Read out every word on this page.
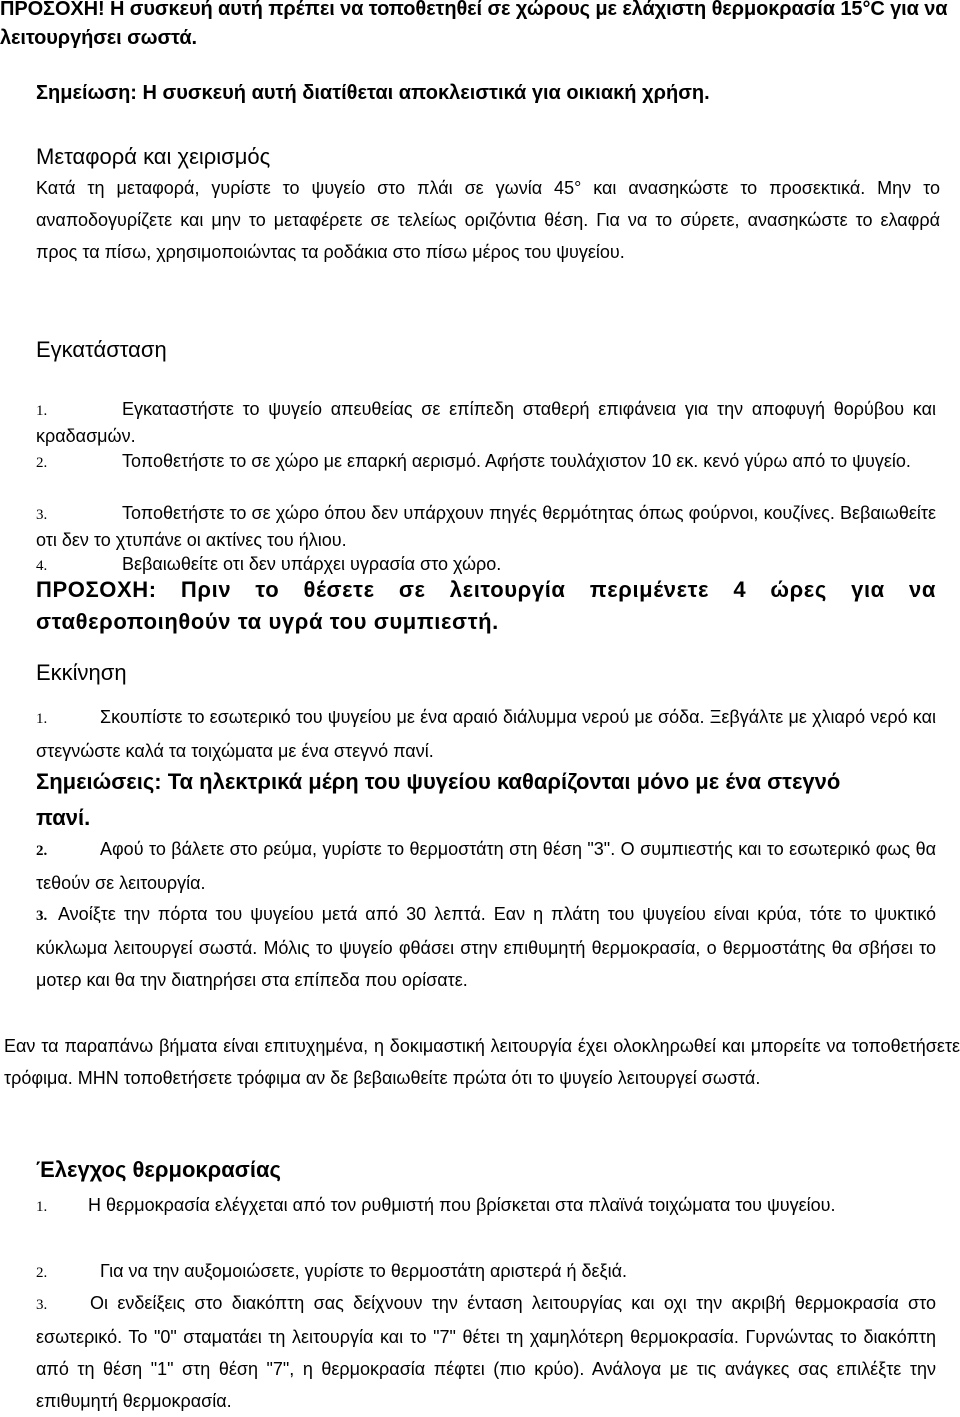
ΠΡΟΣΟΧΗ! Η συσκευή αυτή πρέπει να τοποθετηθεί σε χώρους με ελάχιστη θερμοκρασία 15°C για να λειτουργήσει σωστά.

Σημείωση: Η συσκευή αυτή διατίθεται αποκλειστικά για οικιακή χρήση.

Μεταφορά και χειρισμός

Κατά τη μεταφορά, γυρίστε το ψυγείο στο πλάι σε γωνία 45° και ανασηκώστε το προσεκτικά. Μην το αναποδογυρίζετε και μην το μεταφέρετε σε τελείως οριζόντια θέση. Για να το σύρετε, ανασηκώστε το ελαφρά προς τα πίσω, χρησιμοποιώντας τα ροδάκια στο πίσω μέρος του ψυγείου.

Εγκατάσταση

1.	Εγκαταστήστε το ψυγείο απευθείας σε επίπεδη σταθερή επιφάνεια για την αποφυγή θορύβου και κραδασμών.

2.	Τοποθετήστε το σε χώρο με επαρκή αερισμό. Αφήστε τουλάχιστον 10 εκ. κενό γύρω από το ψυγείο.

3.	Τοποθετήστε το σε χώρο όπου δεν υπάρχουν πηγές θερμότητας όπως φούρνοι, κουζίνες. Βεβαιωθείτε οτι δεν το χτυπάνε οι ακτίνες του ήλιου.

4.	Βεβαιωθείτε οτι δεν υπάρχει υγρασία στο χώρο.

ΠΡΟΣΟΧΗ: Πριν το θέσετε σε λειτουργία περιμένετε 4 ώρες για να σταθεροποιηθούν τα υγρά του συμπιεστή.

Εκκίνηση

1.	Σκουπίστε το εσωτερικό του ψυγείου με ένα αραιό διάλυμμα νερού με σόδα. Ξεβγάλτε με χλιαρό νερό και στεγνώστε καλά τα τοιχώματα με ένα στεγνό πανί.

Σημειώσεις: Τα ηλεκτρικά μέρη του ψυγείου καθαρίζονται μόνο με ένα στεγνό πανί.

2.	Αφού το βάλετε στο ρεύμα, γυρίστε το θερμοστάτη στη θέση "3". Ο συμπιεστής και το εσωτερικό φως θα τεθούν σε λειτουργία.

3. Ανοίξτε την πόρτα του ψυγείου μετά από 30 λεπτά. Εαν η πλάτη του ψυγείου είναι κρύα, τότε το ψυκτικό κύκλωμα λειτουργεί σωστά. Μόλις το ψυγείο φθάσει στην επιθυμητή θερμοκρασία, ο θερμοστάτης θα σβήσει το μοτερ και θα την διατηρήσει στα επίπεδα που ορίσατε.

Εαν τα παραπάνω βήματα είναι επιτυχημένα, η δοκιμαστική λειτουργία έχει ολοκληρωθεί και μπορείτε να τοποθετήσετε τρόφιμα. ΜΗΝ τοποθετήσετε τρόφιμα αν δε βεβαιωθείτε πρώτα ότι το ψυγείο λειτουργεί σωστά.

Έλεγχος θερμοκρασίας

1. Η θερμοκρασία ελέγχεται από τον ρυθμιστή που βρίσκεται στα πλαϊνά τοιχώματα του ψυγείου.

2.	Για να την αυξομοιώσετε, γυρίστε το θερμοστάτη αριστερά ή δεξιά.

3. Οι ενδείξεις στο διακόπτη σας δείχνουν την ένταση λειτουργίας και οχι την ακριβή θερμοκρασία στο εσωτερικό. Το "0" σταματάει τη λειτουργία και το "7" θέτει τη χαμηλότερη θερμοκρασία. Γυρνώντας το διακόπτη από τη θέση "1" στη θέση "7", η θερμοκρασία πέφτει (πιο κρύο). Ανάλογα με τις ανάγκες σας επιλέξτε την επιθυμητή θερμοκρασία.
